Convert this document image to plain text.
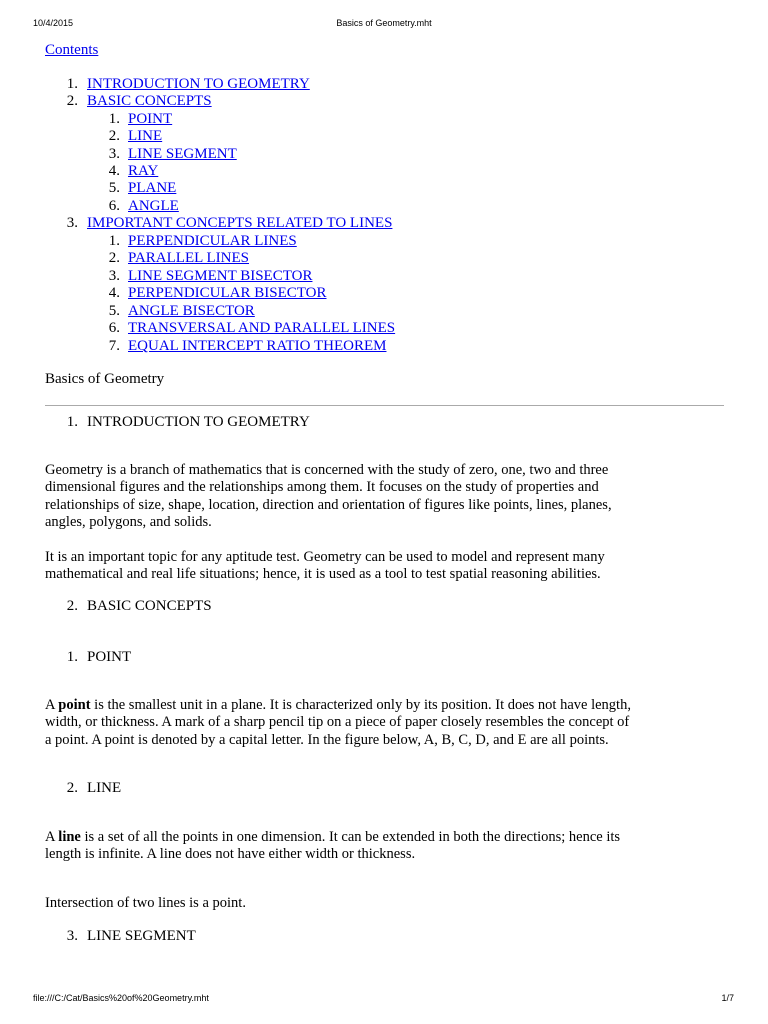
10/4/2015	Basics of Geometry.mht
Contents
1. INTRODUCTION TO GEOMETRY
2. BASIC CONCEPTS
1. POINT
2. LINE
3. LINE SEGMENT
4. RAY
5. PLANE
6. ANGLE
3. IMPORTANT CONCEPTS RELATED TO LINES
1. PERPENDICULAR LINES
2. PARALLEL LINES
3. LINE SEGMENT BISECTOR
4. PERPENDICULAR BISECTOR
5. ANGLE BISECTOR
6. TRANSVERSAL AND PARALLEL LINES
7. EQUAL INTERCEPT RATIO THEOREM
Basics of Geometry
1. INTRODUCTION TO GEOMETRY
Geometry is a branch of mathematics that is concerned with the study of zero, one, two and three
dimensional figures and the relationships among them. It focuses on the study of properties and
relationships of size, shape, location, direction and orientation of figures like points, lines, planes,
angles, polygons, and solids.
It is an important topic for any aptitude test. Geometry can be used to model and represent many
mathematical and real life situations; hence, it is used as a tool to test spatial reasoning abilities.
2. BASIC CONCEPTS
1. POINT
A point is the smallest unit in a plane. It is characterized only by its position. It does not have length,
width, or thickness. A mark of a sharp pencil tip on a piece of paper closely resembles the concept of
a point. A point is denoted by a capital letter. In the figure below, A, B, C, D, and E are all points.
2. LINE
A line is a set of all the points in one dimension. It can be extended in both the directions; hence its
length is infinite. A line does not have either width or thickness.
Intersection of two lines is a point.
3. LINE SEGMENT
file:///C:/Cat/Basics%20of%20Geometry.mht	1/7
